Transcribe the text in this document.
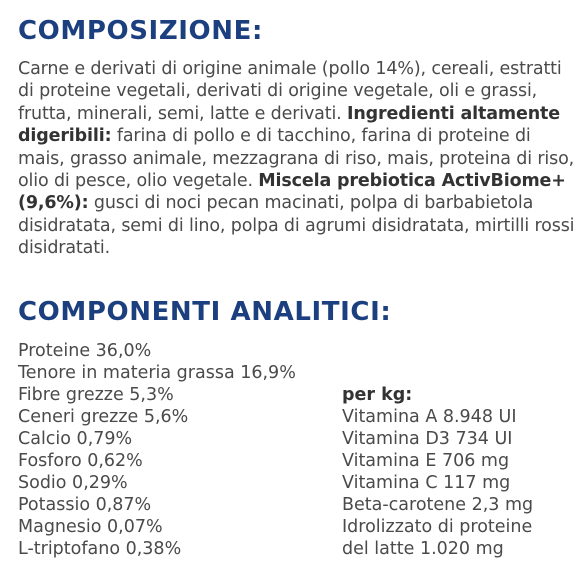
COMPOSIZIONE:

Carne e derivati di origine animale (pollo 14%), cereali, estratti di proteine vegetali, derivati di origine vegetale, oli e grassi, frutta, minerali, semi, latte e derivati. Ingredienti altamente digeribili: farina di pollo e di tacchino, farina di proteine di mais, grasso animale, mezzagrana di riso, mais, proteina di riso, olio di pesce, olio vegetale. Miscela prebiotica ActivBiome+ (9,6%): gusci di noci pecan macinati, polpa di barbabietola disidratata, semi di lino, polpa di agrumi disidratata, mirtilli rossi disidratati.

COMPONENTI ANALITICI:
Proteine 36,0%
Tenore in materia grassa 16,9%
Fibre grezze 5,3%
Ceneri grezze 5,6%
Calcio 0,79%
Fosforo 0,62%
Sodio 0,29%
Potassio 0,87%
Magnesio 0,07%
L-triptofano 0,38%
per kg:
Vitamina A 8.948 UI
Vitamina D3 734 UI
Vitamina E 706 mg
Vitamina C 117 mg
Beta-carotene 2,3 mg
Idrolizzato di proteine
del latte 1.020 mg
